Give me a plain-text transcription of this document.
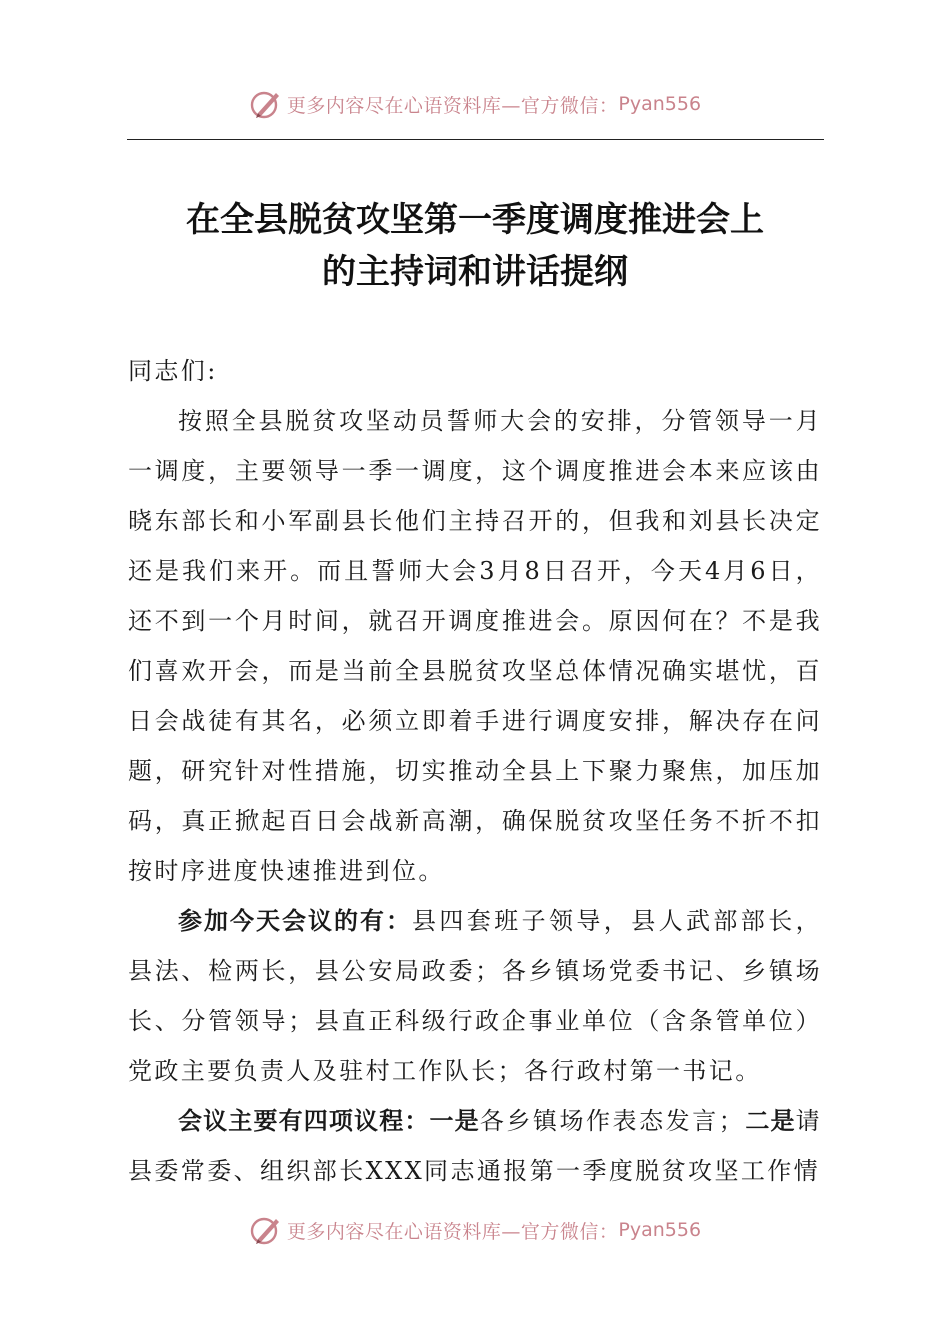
更多内容尽在心语资料库—官方微信： Pyan556
在全县脱贫攻坚第一季度调度推进会上
的主持词和讲话提纲

同志们:

按照全县脱贫攻坚动员誓师大会的安排，分管领导一月一调度，主要领导一季一调度，这个调度推进会本来应该由晓东部长和小军副县长他们主持召开的，但我和刘县长决定还是我们来开。而且誓师大会3月8日召开，今天4月6日，还不到一个月时间，就召开调度推进会。原因何在？不是我们喜欢开会，而是当前全县脱贫攻坚总体情况确实堪忧，百日会战徒有其名，必须立即着手进行调度安排，解决存在问题，研究针对性措施，切实推动全县上下聚力聚焦，加压加码，真正掀起百日会战新高潮，确保脱贫攻坚任务不折不扣按时序进度快速推进到位。

参加今天会议的有：县四套班子领导，县人武部部长，县法、检两长，县公安局政委；各乡镇场党委书记、乡镇场长、分管领导；县直正科级行政企事业单位（含条管单位）党政主要负责人及驻村工作队长；各行政村第一书记。

会议主要有四项议程：一是各乡镇场作表态发言；二是请县委常委、组织部长XXX同志通报第一季度脱贫攻坚工作情

更多内容尽在心语资料库—官方微信： Pyan556
